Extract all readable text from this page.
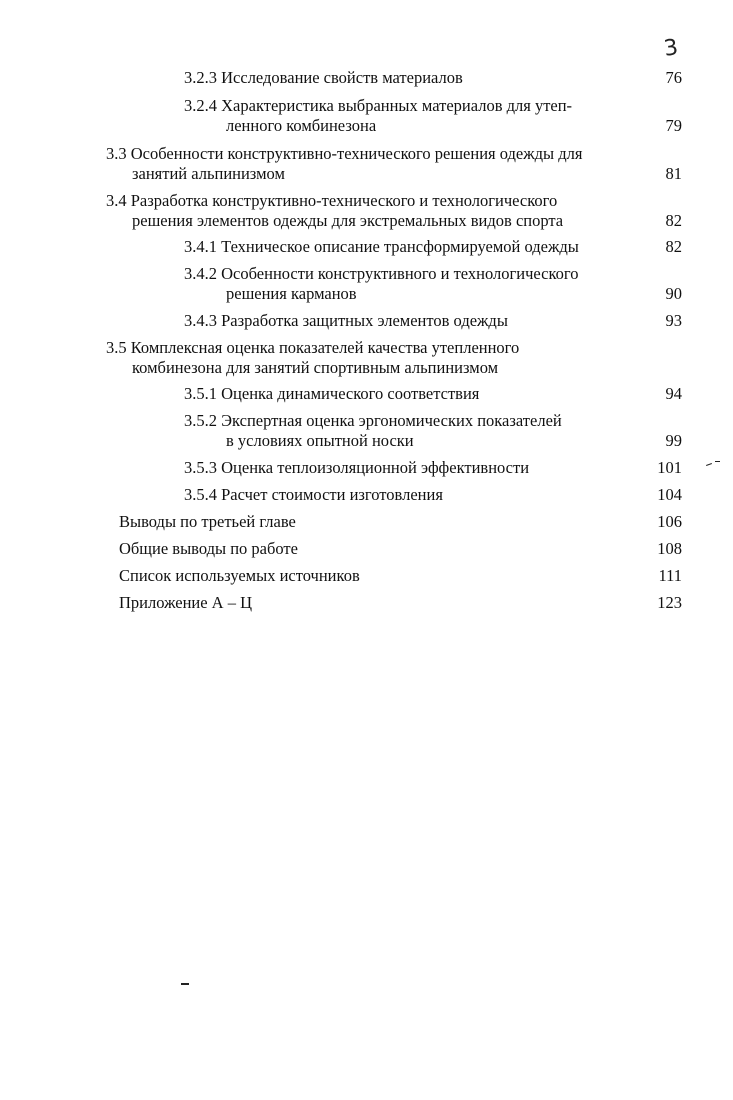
3
3.2.3 Исследование свойств материалов	76
3.2.4 Характеристика выбранных материалов для утеп-
ленного комбинезона	79
3.3 Особенности конструктивно-технического решения одежды для
занятий альпинизмом	81
3.4 Разработка конструктивно-технического и технологического
решения элементов одежды для экстремальных видов спорта	82
3.4.1 Техническое описание трансформируемой одежды	82
3.4.2 Особенности конструктивного и технологического
решения карманов	90
3.4.3 Разработка защитных элементов одежды	93
3.5 Комплексная оценка показателей качества утепленного
комбинезона для занятий спортивным альпинизмом
3.5.1 Оценка динамического соответствия	94
3.5.2 Экспертная оценка эргономических показателей
в условиях опытной носки	99
3.5.3 Оценка теплоизоляционной эффективности	101
3.5.4 Расчет стоимости изготовления	104
Выводы по третьей главе	106
Общие выводы по работе	108
Список используемых источников	111
Приложение А – Ц	123
